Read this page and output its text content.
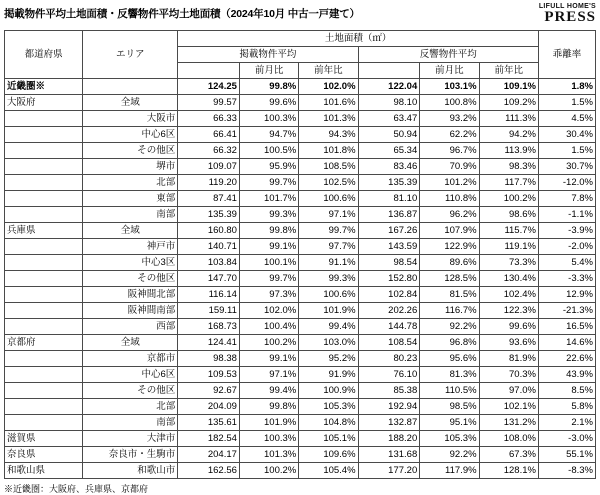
掲載物件平均土地面積・反響物件平均土地面積（2024年10月 中古一戸建て）
LIFULL HOME'S
PRESS
都道府県	エリア	土地面積（㎡）						乖離率
		掲載物件平均			反響物件平均			
			前月比	前年比		前月比	前年比	
近畿圏※		124.25	99.8%	102.0%	122.04	103.1%	109.1%	1.8%
大阪府	全域	99.57	99.6%	101.6%	98.10	100.8%	109.2%	1.5%
	大阪市	66.33	100.3%	101.3%	63.47	93.2%	111.3%	4.5%
	中心6区	66.41	94.7%	94.3%	50.94	62.2%	94.2%	30.4%
	その他区	66.32	100.5%	101.8%	65.34	96.7%	113.9%	1.5%
	堺市	109.07	95.9%	108.5%	83.46	70.9%	98.3%	30.7%
	北部	119.20	99.7%	102.5%	135.39	101.2%	117.7%	-12.0%
	東部	87.41	101.7%	100.6%	81.10	110.8%	100.2%	7.8%
	南部	135.39	99.3%	97.1%	136.87	96.2%	98.6%	-1.1%
兵庫県	全域	160.80	99.8%	99.7%	167.26	107.9%	115.7%	-3.9%
	神戸市	140.71	99.1%	97.7%	143.59	122.9%	119.1%	-2.0%
	中心3区	103.84	100.1%	91.1%	98.54	89.6%	73.3%	5.4%
	その他区	147.70	99.7%	99.3%	152.80	128.5%	130.4%	-3.3%
	阪神間北部	116.14	97.3%	100.6%	102.84	81.5%	102.4%	12.9%
	阪神間南部	159.11	102.0%	101.9%	202.26	116.7%	122.3%	-21.3%
	西部	168.73	100.4%	99.4%	144.78	92.2%	99.6%	16.5%
京都府	全域	124.41	100.2%	103.0%	108.54	96.8%	93.6%	14.6%
	京都市	98.38	99.1%	95.2%	80.23	95.6%	81.9%	22.6%
	中心6区	109.53	97.1%	91.9%	76.10	81.3%	70.3%	43.9%
	その他区	92.67	99.4%	100.9%	85.38	110.5%	97.0%	8.5%
	北部	204.09	99.8%	105.3%	192.94	98.5%	102.1%	5.8%
	南部	135.61	101.9%	104.8%	132.87	95.1%	131.2%	2.1%
滋賀県	大津市	182.54	100.3%	105.1%	188.20	105.3%	108.0%	-3.0%
奈良県	奈良市・生駒市	204.17	101.3%	109.6%	131.68	92.2%	67.3%	55.1%
和歌山県	和歌山市	162.56	100.2%	105.4%	177.20	117.9%	128.1%	-8.3%
※近畿圏：大阪府、兵庫県、京都府
